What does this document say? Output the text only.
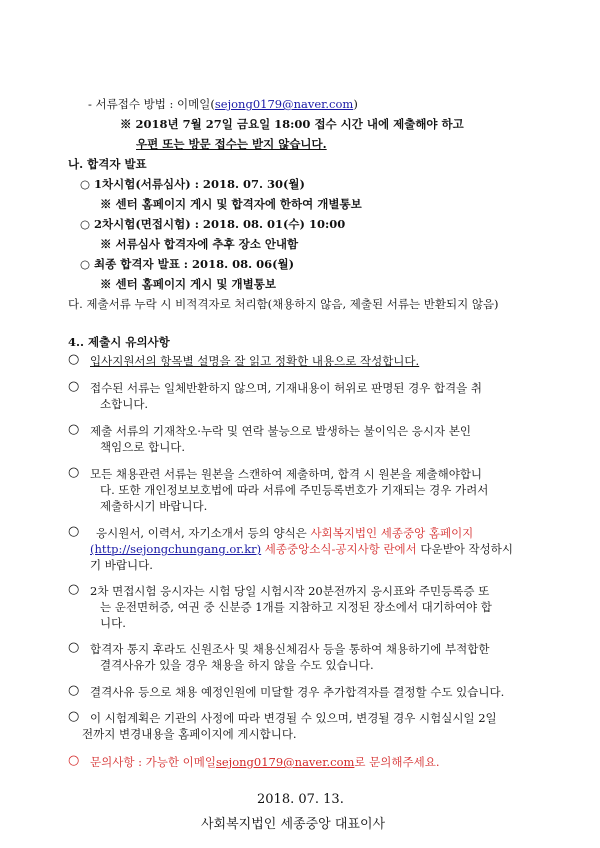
- 서류접수 방법 : 이메일(sejong0179@naver.com)
※ 2018년 7월 27일 금요일 18:00 접수 시간 내에 제출해야 하고
우편 또는 방문 접수는 받지 않습니다.
나. 합격자 발표
○ 1차시험(서류심사) : 2018. 07. 30(월)
※ 센터 홈페이지 게시 및 합격자에 한하여 개별통보
○ 2차시험(면접시험) : 2018. 08. 01(수) 10:00
※ 서류심사 합격자에 추후 장소 안내함
○ 최종 합격자 발표 : 2018. 08. 06(월)
※ 센터 홈페이지 게시 및 개별통보
다. 제출서류 누락 시 비적격자로 처리함(채용하지 않음, 제출된 서류는 반환되지 않음)
4.. 제출시 유의사항
○ 입사지원서의 항목별 설명을 잘 읽고 정확한 내용으로 작성합니다.
○ 접수된 서류는 일체반환하지 않으며, 기재내용이 허위로 판명된 경우 합격을 취
소합니다.
○ 제출 서류의 기재착오·누락 및 연락 불능으로 발생하는 불이익은 응시자 본인
책임으로 합니다.
○ 모든 채용관련 서류는 원본을 스캔하여 제출하며, 합격 시 원본을 제출해야합니
다. 또한 개인정보보호법에 따라 서류에 주민등록번호가 기재되는 경우 가려서
제출하시기 바랍니다.
○ 응시원서, 이력서, 자기소개서 등의 양식은 사회복지법인 세종중앙 홈페이지
(http://sejongchungang.or.kr) 세종중앙소식-공지사항 란에서 다운받아 작성하시
기 바랍니다.
○ 2차 면접시험 응시자는 시험 당일 시험시작 20분전까지 응시표와 주민등록증 또
는 운전면허증, 여권 중 신분증 1개를 지참하고 지정된 장소에서 대기하여야 합
니다.
○ 합격자 통지 후라도 신원조사 및 채용신체검사 등을 통하여 채용하기에 부적합한
결격사유가 있을 경우 채용을 하지 않을 수도 있습니다.
○ 결격사유 등으로 채용 예정인원에 미달할 경우 추가합격자를 결정할 수도 있습니다.
○ 이 시험계획은 기관의 사정에 따라 변경될 수 있으며, 변경될 경우 시험실시일 2일
전까지 변경내용을 홈페이지에 게시합니다.
○ 문의사항 : 가능한 이메일sejong0179@naver.com로 문의해주세요.
2018. 07. 13.
사회복지법인 세종중앙 대표이사
